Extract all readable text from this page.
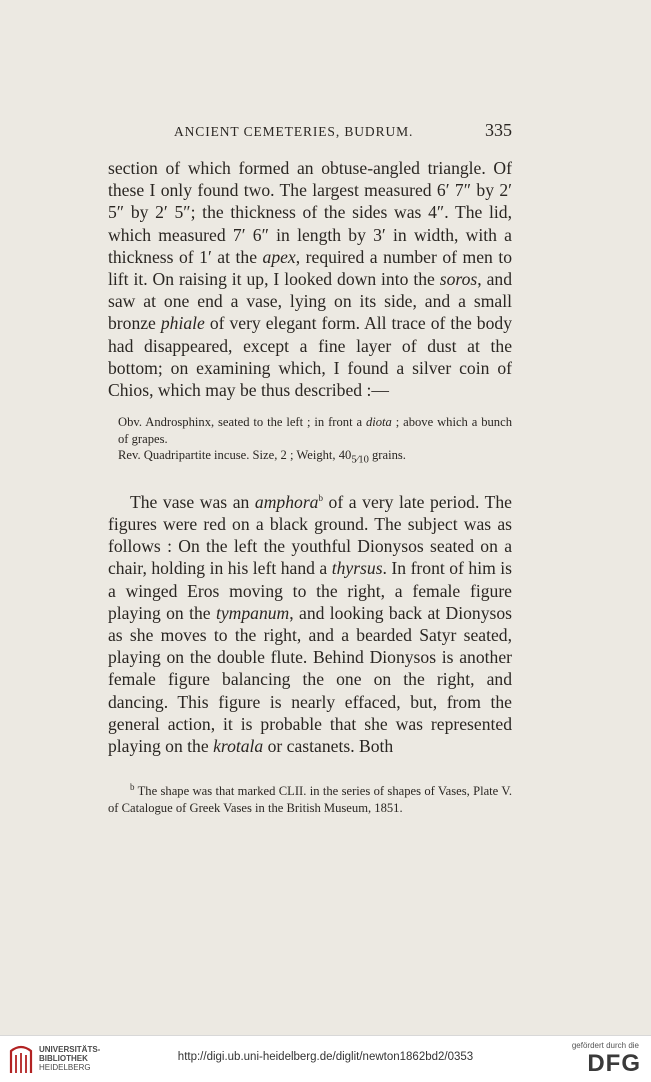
ANCIENT CEMETERIES, BUDRUM.	335

section of which formed an obtuse-angled triangle. Of these I only found two. The largest measured 6′ 7″ by 2′ 5″ by 2′ 5″; the thickness of the sides was 4″. The lid, which measured 7′ 6″ in length by 3′ in width, with a thickness of 1′ at the apex, required a number of men to lift it. On raising it up, I looked down into the soros, and saw at one end a vase, lying on its side, and a small bronze phiale of very elegant form. All trace of the body had disappeared, except a fine layer of dust at the bottom; on examining which, I found a silver coin of Chios, which may be thus described :—

Obv. Androsphinx, seated to the left ; in front a diota ; above which a bunch of grapes.

Rev. Quadripartite incuse. Size, 2 ; Weight, $40_{5⁄10}$ grains.

The vase was an amphora$^b$ of a very late period. The figures were red on a black ground. The subject was as follows : On the left the youthful Dionysos seated on a chair, holding in his left hand a thyrsus. In front of him is a winged Eros moving to the right, a female figure playing on the tympanum, and looking back at Dionysos as she moves to the right, and a bearded Satyr seated, playing on the double flute. Behind Dionysos is another female figure balancing the one on the right, and dancing. This figure is nearly effaced, but, from the general action, it is probable that she was represented playing on the krotala or castanets. Both

$^b$ The shape was that marked CLII. in the series of shapes of Vases, Plate V. of Catalogue of Greek Vases in the British Museum, 1851.

UNIVERSITÄTS-
BIBLIOTHEK
HEIDELBERG
http://digi.ub.uni-heidelberg.de/diglit/newton1862bd2/0353
gefördert durch die
DFG
